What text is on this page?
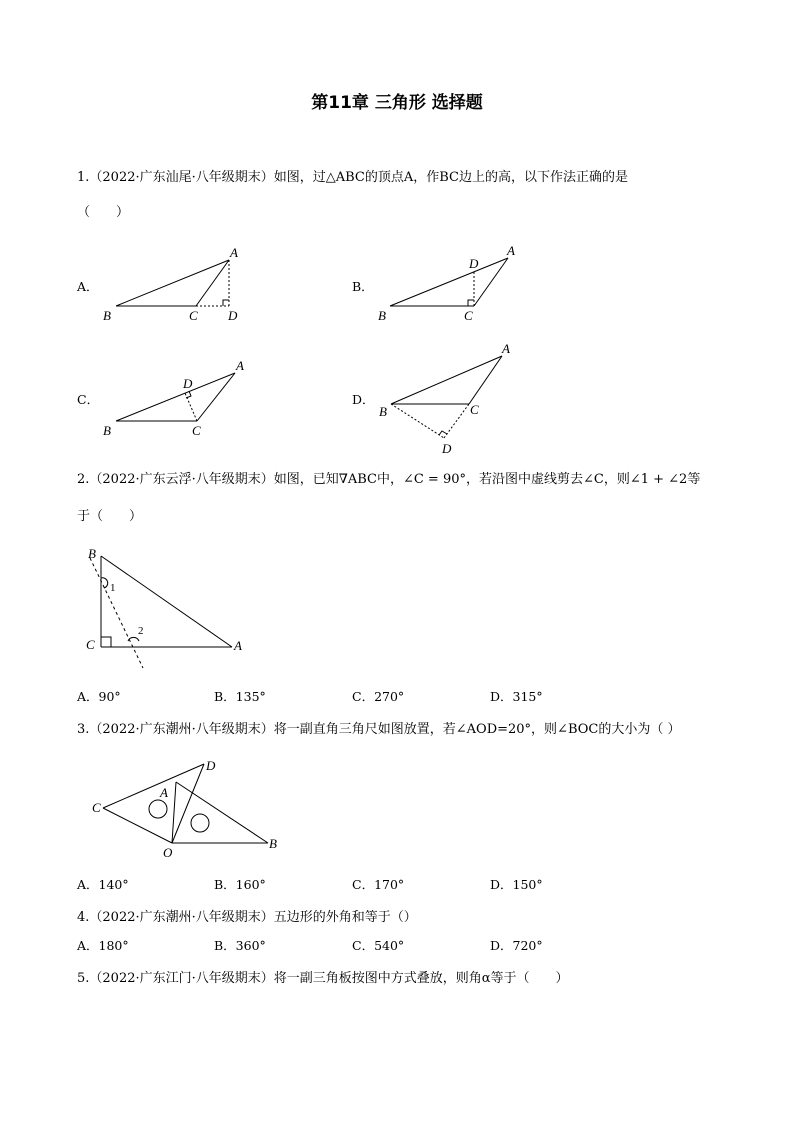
第11章 三角形 选择题
1.（2022·广东汕尾·八年级期末）如图，过△ABC的顶点A，作BC边上的高，以下作法正确的是
（　　）
A．
A
B	C D
B．
A
D
B	C
C．
A
D
B	C
D．
A
B	C
D
2.（2022·广东云浮·八年级期末）如图，已知∇ABC中，∠C = 90°，若沿图中虚线剪去∠C，则∠1 + ∠2等
于（　　）
B
C	A
1
2
A．90°	B．135°	C．270°	D．315°
3.（2022·广东潮州·八年级期末）将一副直角三角尺如图放置，若∠AOD=20°，则∠BOC的大小为（ ）
C
A
D
O
B
A．140°	B．160°	C．170°	D．150°
4.（2022·广东潮州·八年级期末）五边形的外角和等于（）
A．180°	B．360°	C．540°	D．720°
5.（2022·广东江门·八年级期末）将一副三角板按图中方式叠放，则角α等于（　　）
